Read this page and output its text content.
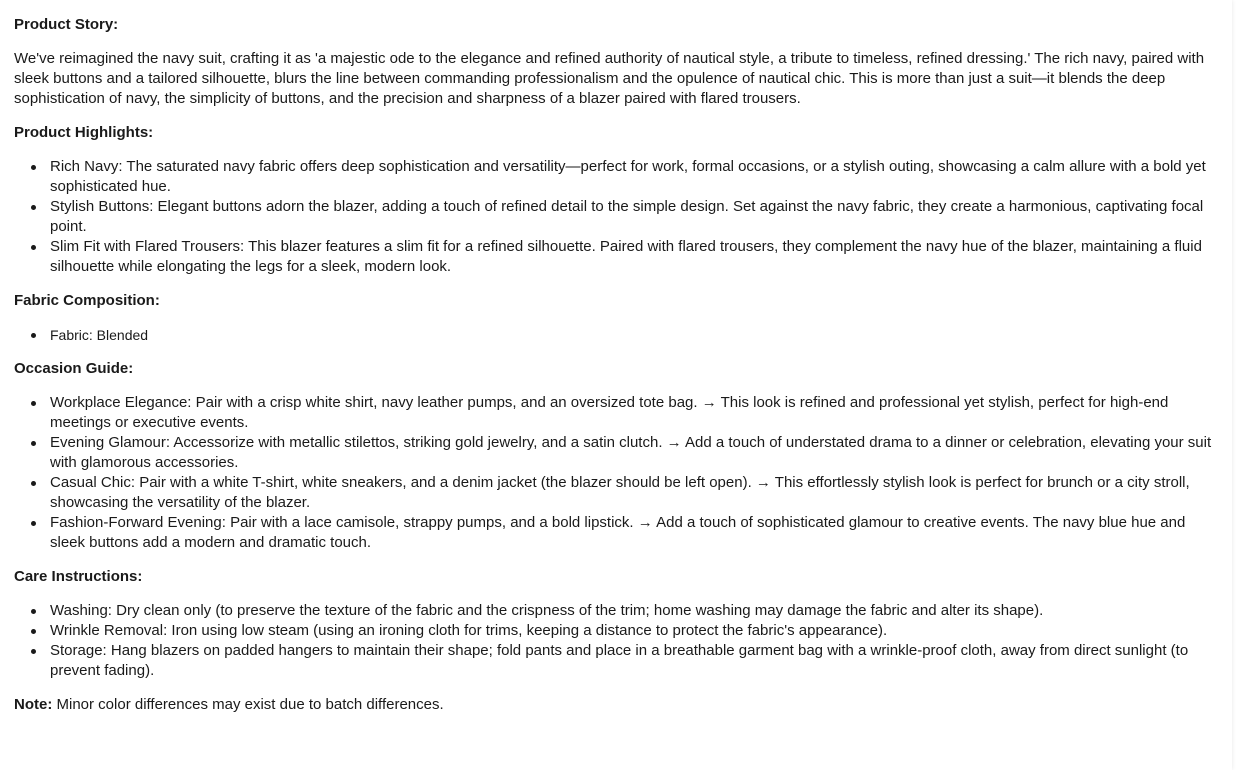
Product Story:
We've reimagined the navy suit, crafting it as 'a majestic ode to the elegance and refined authority of nautical style, a tribute to timeless, refined dressing.' The rich navy, paired with sleek buttons and a tailored silhouette, blurs the line between commanding professionalism and the opulence of nautical chic. This is more than just a suit—it blends the deep sophistication of navy, the simplicity of buttons, and the precision and sharpness of a blazer paired with flared trousers.
Product Highlights:
Rich Navy: The saturated navy fabric offers deep sophistication and versatility—perfect for work, formal occasions, or a stylish outing, showcasing a calm allure with a bold yet sophisticated hue.
Stylish Buttons: Elegant buttons adorn the blazer, adding a touch of refined detail to the simple design. Set against the navy fabric, they create a harmonious, captivating focal point.
Slim Fit with Flared Trousers: This blazer features a slim fit for a refined silhouette. Paired with flared trousers, they complement the navy hue of the blazer, maintaining a fluid silhouette while elongating the legs for a sleek, modern look.
Fabric Composition:
Fabric: Blended
Occasion Guide:
Workplace Elegance: Pair with a crisp white shirt, navy leather pumps, and an oversized tote bag. → This look is refined and professional yet stylish, perfect for high-end meetings or executive events.
Evening Glamour: Accessorize with metallic stilettos, striking gold jewelry, and a satin clutch. → Add a touch of understated drama to a dinner or celebration, elevating your suit with glamorous accessories.
Casual Chic: Pair with a white T-shirt, white sneakers, and a denim jacket (the blazer should be left open). → This effortlessly stylish look is perfect for brunch or a city stroll, showcasing the versatility of the blazer.
Fashion-Forward Evening: Pair with a lace camisole, strappy pumps, and a bold lipstick. → Add a touch of sophisticated glamour to creative events. The navy blue hue and sleek buttons add a modern and dramatic touch.
Care Instructions:
Washing: Dry clean only (to preserve the texture of the fabric and the crispness of the trim; home washing may damage the fabric and alter its shape).
Wrinkle Removal: Iron using low steam (using an ironing cloth for trims, keeping a distance to protect the fabric's appearance).
Storage: Hang blazers on padded hangers to maintain their shape; fold pants and place in a breathable garment bag with a wrinkle-proof cloth, away from direct sunlight (to prevent fading).
Note: Minor color differences may exist due to batch differences.
